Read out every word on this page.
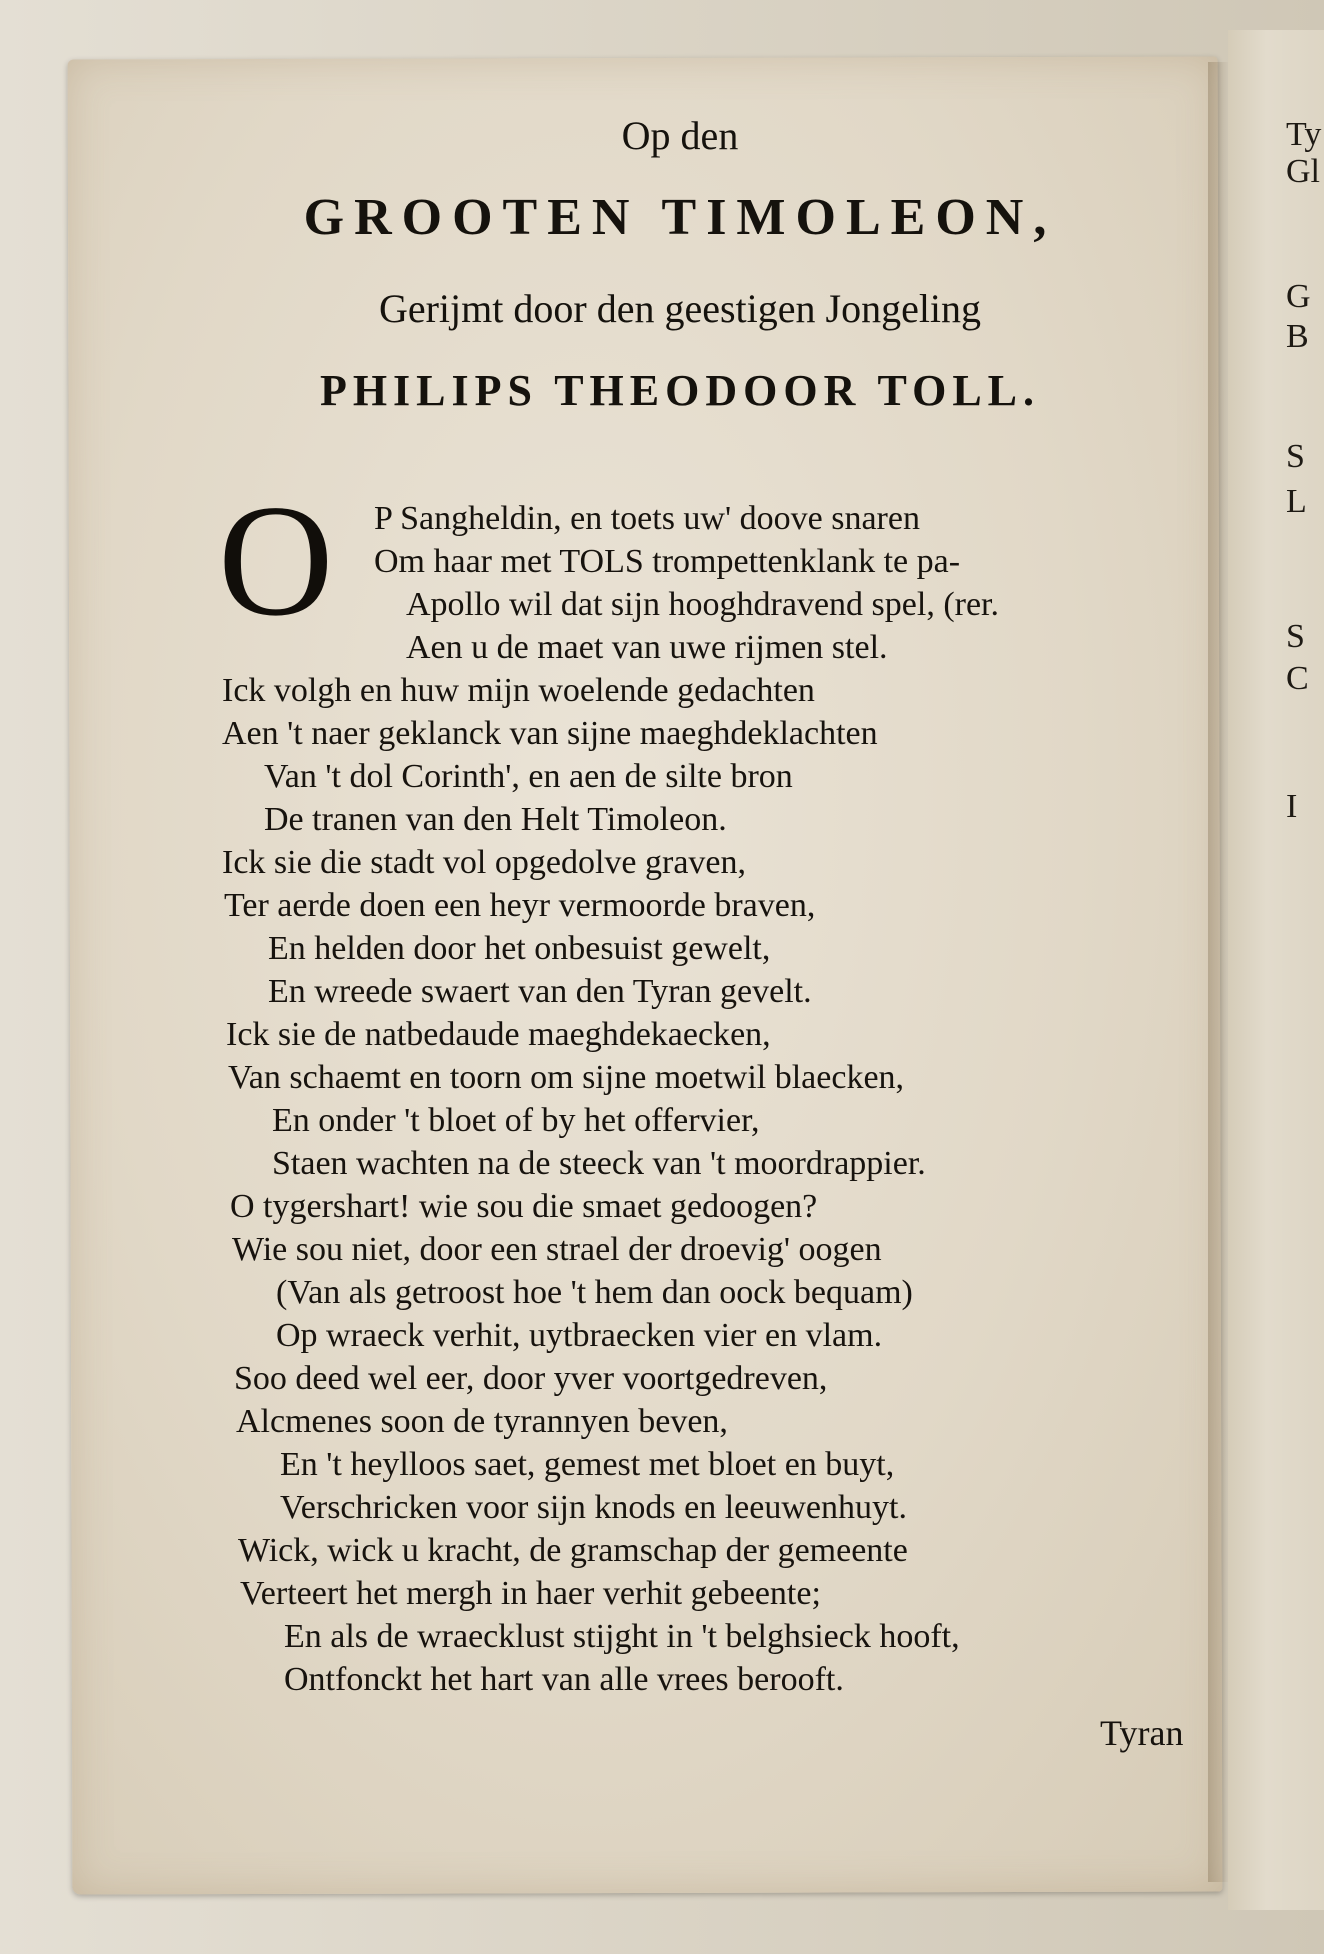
Ty
Gl
G
B
S
L
S
C
I
Op den
GROOTEN TIMOLEON,
Gerijmt door den geestigen Jongeling
PHILIPS THEODOOR TOLL.
O P Sangheldin, en toets uw' doove snaren
Om haar met TOLS trompettenklank te pa-
Apollo wil dat sijn hooghdravend spel, (rer.
Aen u de maet van uwe rijmen stel.
Ick volgh en huw mijn woelende gedachten
Aen 't naer geklanck van sijne maeghdeklachten
Van 't dol Corinth', en aen de silte bron
De tranen van den Helt Timoleon.
Ick sie die stadt vol opgedolve graven,
Ter aerde doen een heyr vermoorde braven,
En helden door het onbesuist gewelt,
En wreede swaert van den Tyran gevelt.
Ick sie de natbedaude maeghdekaecken,
Van schaemt en toorn om sijne moetwil blaecken,
En onder 't bloet of by het offervier,
Staen wachten na de steeck van 't moordrappier.
O tygershart! wie sou die smaet gedoogen?
Wie sou niet, door een strael der droevig' oogen
(Van als getroost hoe 't hem dan oock bequam)
Op wraeck verhit, uytbraecken vier en vlam.
Soo deed wel eer, door yver voortgedreven,
Alcmenes soon de tyrannyen beven,
En 't heylloos saet, gemest met bloet en buyt,
Verschricken voor sijn knods en leeuwenhuyt.
Wick, wick u kracht, de gramschap der gemeente
Verteert het mergh in haer verhit gebeente;
En als de wraecklust stijght in 't belghsieck hooft,
Ontfonckt het hart van alle vrees berooft.
Tyran
